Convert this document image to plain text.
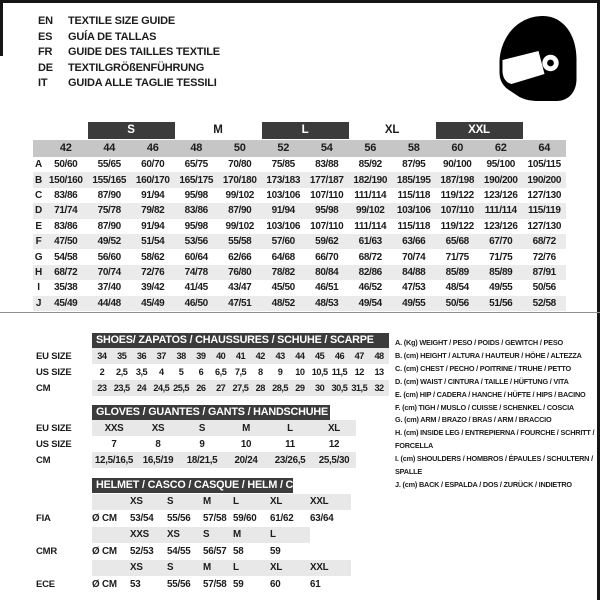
EN	TEXTILE SIZE GUIDE
ES	GUÍA DE TALLAS
FR	GUIDE DES TAILLES TEXTILE
DE	TEXTILGRÖßENFÜHRUNG
IT	GUIDA ALLE TAGLIE TESSILI
S	M	L	XL	XXL
42	44	46	48	50	52	54	56	58	60	62	64
A	50/60	55/65	60/70	65/75	70/80	75/85	83/88	85/92	87/95	90/100	95/100	105/115
B 150/160 155/165 160/170 165/175 170/180 173/183 177/187 182/190 185/195 187/198 190/200 190/200
C	83/86	87/90	91/94	95/98	99/102	103/106	107/110	111/114	115/118	119/122	123/126 127/130
D	71/74	75/78	79/82	83/86	87/90	91/94	95/98	99/102	103/106	107/110	111/114	115/119
E	83/86	87/90	91/94	95/98	99/102	103/106	107/110	111/114	115/118	119/122	123/126 127/130
F	47/50	49/52	51/54	53/56	55/58	57/60	59/62	61/63	63/66	65/68	67/70	68/72
G	54/58	56/60	58/62	60/64	62/66	64/68	66/70	68/72	70/74	71/75	71/75	72/76
H	68/72	70/74	72/76	74/78	76/80	78/82	80/84	82/86	84/88	85/89	85/89	87/91
I	35/38	37/40	39/42	41/45	43/47	45/50	46/51	46/52	47/53	48/54	49/55	50/56
J	45/49	44/48	45/49	46/50	47/51	48/52	48/53	49/54	49/55	50/56	51/56	52/58
SHOES/ ZAPATOS / CHAUSSURES / SCHUHE / SCARPE
EU SIZE	34	35	36	37	38	39	40	41	42	43	44	45	46	47	48
US SIZE	2	2,5 3,5	4	5	6	6,5 7,5	8	9	10 10,5 11,5 12	13
CM	23 23,5 24 24,5 25,5 26	27 27,5 28 28,5 29	30 30,5 31,5 32
GLOVES / GUANTES / GANTS / HANDSCHUHE / GUANTI
EU SIZE	XXS	XS	S	M	L	XL
US SIZE	7	8	9	10	11	12
CM	12,5/16,5 16,5/19	18/21,5	20/24	23/26,5	25,5/30
HELMET / CASCO / CASQUE / HELM / CASCO
XS	S	M	L	XL	XXL
FIA	Ø CM	53/54	55/56	57/58 59/60	61/62	63/64
XXS	XS	S	M	L
CMR	Ø CM	52/53	54/55	56/57 58	59
XS	S	M	L	XL	XXL
ECE	Ø CM	53	55/56	57/58 59	60	61
A. (Kg) WEIGHT / PESO / POIDS / GEWITCH / PESO
B. (cm) HEIGHT / ALTURA / HAUTEUR / HÖHE / ALTEZZA
C. (cm) CHEST / PECHO / POITRINE / TRUHE / PETTO
D. (cm) WAIST / CINTURA / TAILLE / HÜFTUNG / VITA
E. (cm) HIP / CADERA / HANCHE / HÜFTE / HIPS / BACINO
F. (cm) TIGH / MUSLO / CUISSE / SCHENKEL / COSCIA
G. (cm) ARM / BRAZO / BRAS / ARM / BRACCIO
H. (cm) INSIDE LEG / ENTREPIERNA / FOURCHE / SCHRITT / FORCELLA
I. (cm) SHOULDERS / HOMBROS / ÉPAULES / SCHULTERN / SPALLE
J. (cm) BACK / ESPALDA / DOS / ZURÜCK / INDIETRO
